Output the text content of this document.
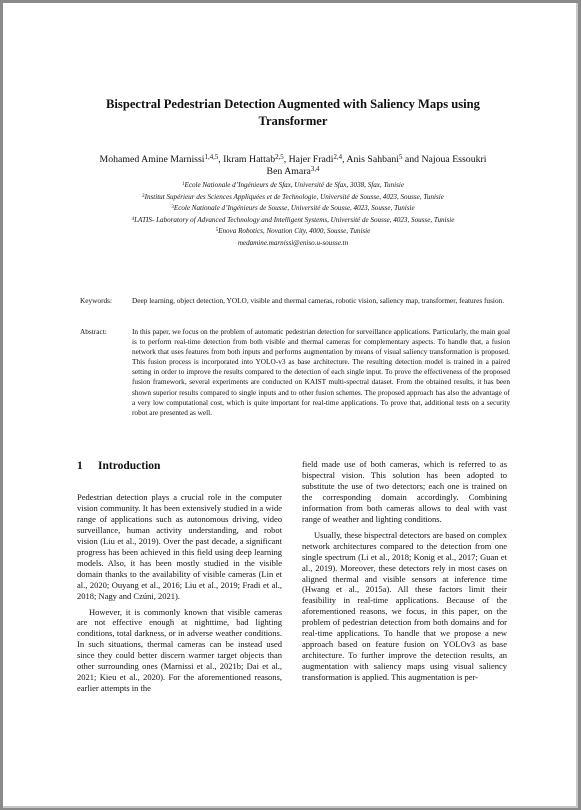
Bispectral Pedestrian Detection Augmented with Saliency Maps using
Transformer
Mohamed Amine Marnissi$^{1,4,5}$, Ikram Hattab$^{2,5}$, Hajer Fradi$^{2,4}$, Anis Sahbani$^5$ and Najoua Essoukri
Ben Amara$^{3,4}$
$^1$Ecole Nationale d’Ingénieurs de Sfax, Université de Sfax, 3038, Sfax, Tunisie
$^2$Institut Supérieur des Sciences Appliquées et de Technologie, Université de Sousse, 4023, Sousse, Tunisie
$^3$Ecole Nationale d’Ingénieurs de Sousse, Université de Sousse, 4023, Sousse, Tunisie
$^4$LATIS- Laboratory of Advanced Technology and Intelligent Systems, Université de Sousse, 4023, Sousse, Tunisie
$^5$Enova Robotics, Novation City, 4000, Sousse, Tunisie
medamine.marnissi@eniso.u-sousse.tn
Keywords:	Deep learning, object detection, YOLO, visible and thermal cameras, robotic vision, saliency map, transformer, features fusion.
Abstract:	In this paper, we focus on the problem of automatic pedestrian detection for surveillance applications. Particularly, the main goal is to perform real-time detection from both visible and thermal cameras for complementary aspects. To handle that, a fusion network that uses features from both inputs and performs augmentation by means of visual saliency transformation is proposed. This fusion process is incorporated into YOLO-v3 as base architecture. The resulting detection model is trained in a paired setting in order to improve the results compared to the detection of each single input. To prove the effectiveness of the proposed fusion framework, several experiments are conducted on KAIST multi-spectral dataset. From the obtained results, it has been shown superior results compared to single inputs and to other fusion schemes. The proposed approach has also the advantage of a very low computational cost, which is quite important for real-time applications. To prove that, additional tests on a security robot are presented as well.
1	Introduction

Pedestrian detection plays a crucial role in the computer vision community. It has been extensively studied in a wide range of applications such as autonomous driving, video surveillance, human activity understanding, and robot vision (Liu et al., 2019). Over the past decade, a significant progress has been achieved in this field using deep learning models. Also, it has been mostly studied in the visible domain thanks to the availability of visible cameras (Lin et al., 2020; Ouyang et al., 2016; Liu et al., 2019; Fradi et al., 2018; Nagy and Czúni, 2021).

However, it is commonly known that visible cameras are not effective enough at nighttime, bad lighting conditions, total darkness, or in adverse weather conditions. In such situations, thermal cameras can be instead used since they could better discern warmer target objects than other surrounding ones (Marnissi et al., 2021b; Dai et al., 2021; Kieu et al., 2020). For the aforementioned reasons, earlier attempts in the

field made use of both cameras, which is referred to as bispectral vision. This solution has been adopted to substitute the use of two detectors; each one is trained on the corresponding domain accordingly. Combining information from both cameras allows to deal with vast range of weather and lighting conditions.

Usually, these bispectral detectors are based on complex network architectures compared to the detection from one single spectrum (Li et al., 2018; Konig et al., 2017; Guan et al., 2019). Moreover, these detectors rely in most cases on aligned thermal and visible sensors at inference time (Hwang et al., 2015a). All these factors limit their feasibility in real-time applications. Because of the aforementioned reasons, we focus, in this paper, on the problem of pedestrian detection from both domains and for real-time applications. To handle that we propose a new approach based on feature fusion on YOLOv3 as base architecture. To further improve the detection results, an augmentation with saliency maps using visual saliency transformation is applied. This augmentation is per-
